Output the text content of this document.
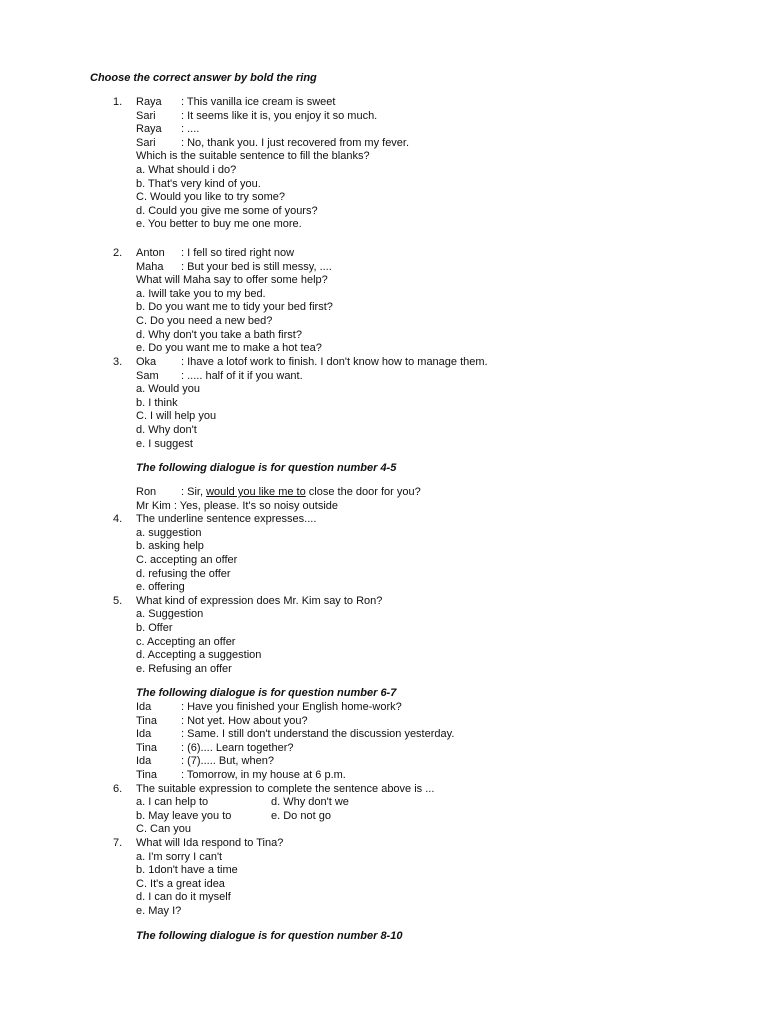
Choose the correct answer by bold the ring
1. Raya : This vanilla ice cream is sweet
Sari : It seems like it is, you enjoy it so much.
Raya : ....
Sari : No, thank you. I just recovered from my fever.
Which is the suitable sentence to fill the blanks?
a. What should i do?
b. That's very kind of you.
C. Would you like to try some?
d. Could you give me some of yours?
e. You better to buy me one more.
2. Anton : I fell so tired right now
Maha : But your bed is still messy, ....
What will Maha say to offer some help?
a. Iwill take you to my bed.
b. Do you want me to tidy your bed first?
C. Do you need a new bed?
d. Why don't you take a bath first?
e. Do you want me to make a hot tea?
3. Oka : Ihave a lotof work to finish. I don't know how to manage them.
Sam : ..... half of it if you want.
a. Would you
b. I think
C. I will help you
d. Why don't
e. I suggest
The following dialogue is for question number 4-5
Ron : Sir, would you like me to close the door for you?
Mr Kim : Yes, please. It's so noisy outside
4. The underline sentence expresses....
a. suggestion
b. asking help
C. accepting an offer
d. refusing the offer
e. offering
5. What kind of expression does Mr. Kim say to Ron?
a. Suggestion
b. Offer
c. Accepting an offer
d. Accepting a suggestion
e. Refusing an offer
The following dialogue is for question number 6-7
Ida	: Have you finished your English home-work?
Tina : Not yet. How about you?
Ida	: Same. I still don't understand the discussion yesterday.
Tina : (6).... Learn together?
Ida	: (7)..... But, when?
Tina : Tomorrow, in my house at 6 p.m.
6. The suitable expression to complete the sentence above is ...
a. I can help to	d. Why don't we
b. May leave you to	e. Do not go
C. Can you
7. What will Ida respond to Tina?
a. I'm sorry I can't
b. 1don't have a time
C. It's a great idea
d. I can do it myself
e. May I?
The following dialogue is for question number 8-10
